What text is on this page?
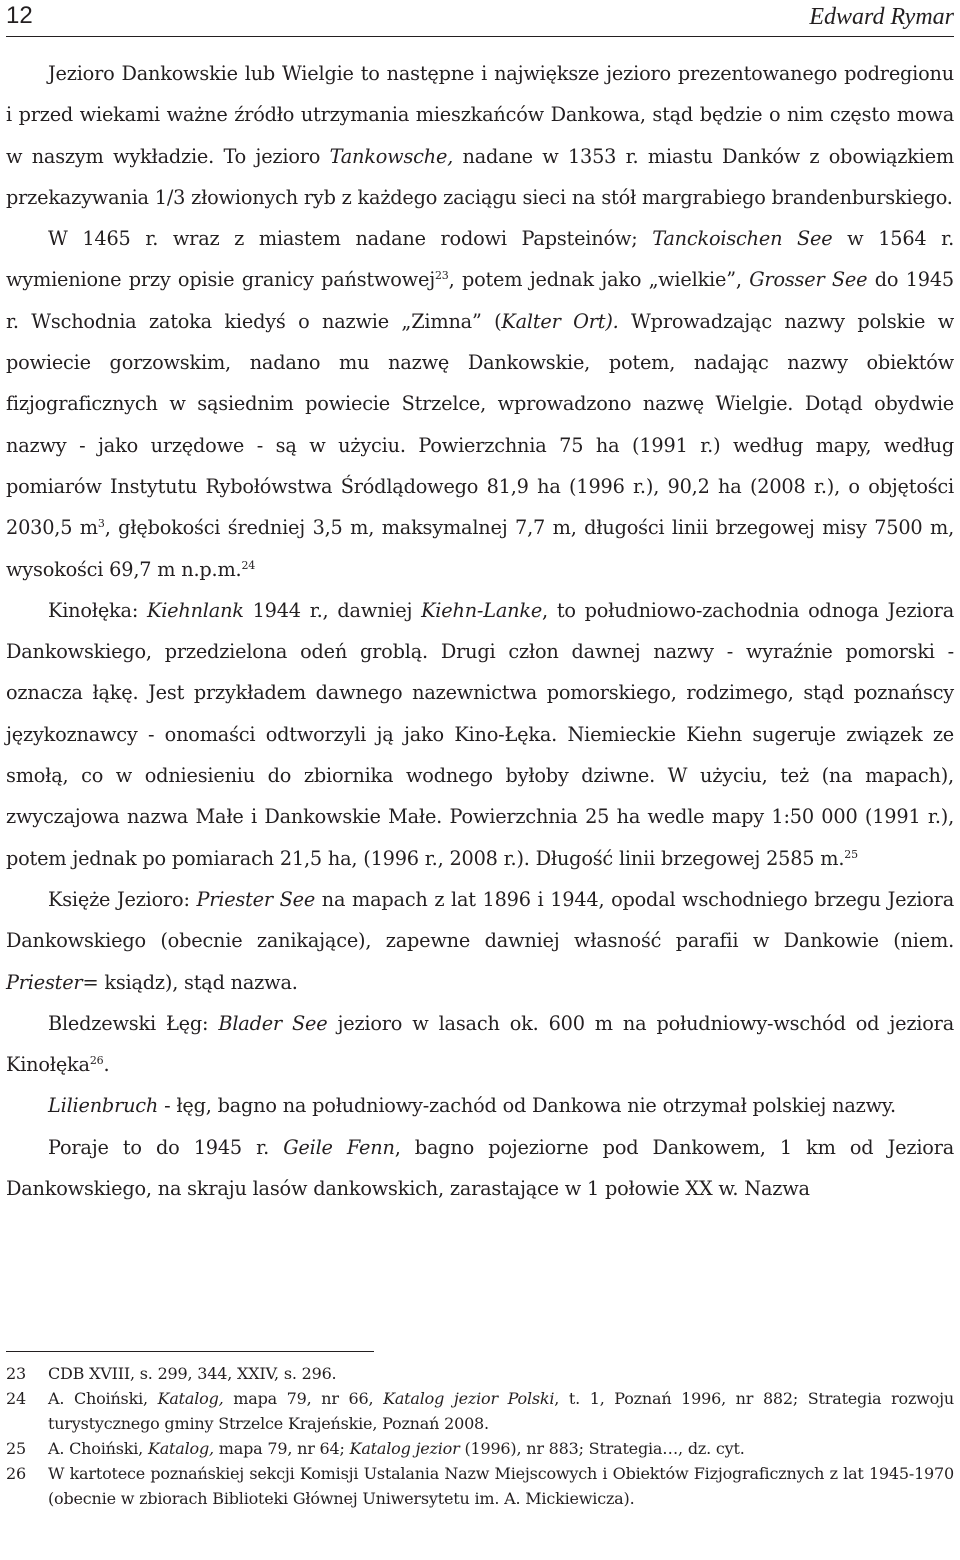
12	Edward Rymar

Jezioro Dankowskie lub Wielgie to następne i największe jezioro prezentowanego podregionu i przed wiekami ważne źródło utrzymania mieszkańców Dankowa, stąd będzie o nim często mowa w naszym wykładzie. To jezioro Tankowsche, nadane w 1353 r. miastu Danków z obowiązkiem przekazywania 1/3 złowionych ryb z każdego zaciągu sieci na stół margrabiego brandenburskiego.

W 1465 r. wraz z miastem nadane rodowi Papsteinów; Tanckoischen See w 1564 r. wymienione przy opisie granicy państwowej$^{23}$, potem jednak jako „wielkie”, Grosser See do 1945 r. Wschodnia zatoka kiedyś o nazwie „Zimna” (Kalter Ort). Wprowadzając nazwy polskie w powiecie gorzowskim, nadano mu nazwę Dankowskie, potem, nadając nazwy obiektów fizjograficznych w sąsiednim powiecie Strzelce, wprowadzono nazwę Wielgie. Dotąd obydwie nazwy - jako urzędowe - są w użyciu. Powierzchnia 75 ha (1991 r.) według mapy, według pomiarów Instytutu Rybołówstwa Śródlądowego 81,9 ha (1996 r.), 90,2 ha (2008 r.), o objętości 2030,5 $m^3$, głębokości średniej 3,5 m, maksymalnej 7,7 m, długości linii brzegowej misy 7500 m, wysokości 69,7 m n.p.m.$^{24}$

Kinołęka: Kiehnlank 1944 r., dawniej Kiehn-Lanke, to południowo-zachodnia odnoga Jeziora Dankowskiego, przedzielona odeń groblą. Drugi człon dawnej nazwy - wyraźnie pomorski - oznacza łąkę. Jest przykładem dawnego nazewnictwa pomorskiego, rodzimego, stąd poznańscy językoznawcy - onomaści odtworzyli ją jako Kino-Łęka. Niemieckie Kiehn sugeruje związek ze smołą, co w odniesieniu do zbiornika wodnego byłoby dziwne. W użyciu, też (na mapach), zwyczajowa nazwa Małe i Dankowskie Małe. Powierzchnia 25 ha wedle mapy 1:50 000 (1991 r.), potem jednak po pomiarach 21,5 ha, (1996 r., 2008 r.). Długość linii brzegowej 2585 m.$^{25}$

Księże Jezioro: Priester See na mapach z lat 1896 i 1944, opodal wschodniego brzegu Jeziora Dankowskiego (obecnie zanikające), zapewne dawniej własność parafii w Dankowie (niem. Priester= ksiądz), stąd nazwa.

Bledzewski Łęg: Blader See jezioro w lasach ok. 600 m na południowy-wschód od jeziora Kinołęka$^{26}$.

Lilienbruch - łęg, bagno na południowy-zachód od Dankowa nie otrzymał polskiej nazwy.

Poraje to do 1945 r. Geile Fenn, bagno pojeziorne pod Dankowem, 1 km od Jeziora Dankowskiego, na skraju lasów dankowskich, zarastające w 1 połowie XX w. Nazwa

23 CDB XVIII, s. 299, 344, XXIV, s. 296.
24 A. Choiński, Katalog, mapa 79, nr 66, Katalog jezior Polski, t. 1, Poznań 1996, nr 882; Strategia rozwoju turystycznego gminy Strzelce Krajeńskie, Poznań 2008.
25 A. Choiński, Katalog, mapa 79, nr 64; Katalog jezior (1996), nr 883; Strategia…, dz. cyt.
26 W kartotece poznańskiej sekcji Komisji Ustalania Nazw Miejscowych i Obiektów Fizjograficznych z lat 1945-1970 (obecnie w zbiorach Biblioteki Głównej Uniwersytetu im. A. Mickiewicza).
